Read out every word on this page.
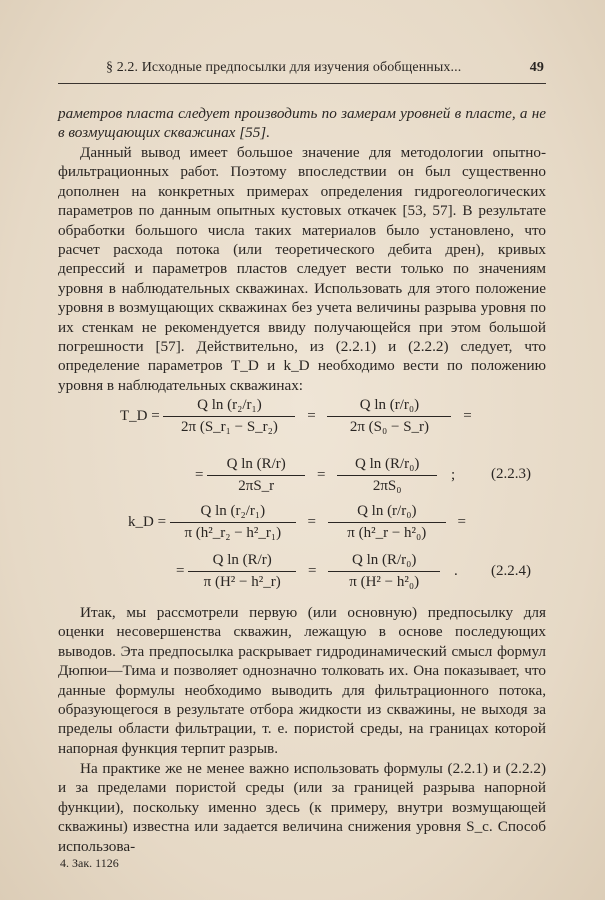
§ 2.2. Исходные предпосылки для изучения обобщенных...	49
раметров пласта следует производить по замерам уровней в пласте, а не в возмущающих скважинах [55].
Данный вывод имеет большое значение для методологии опытно-фильтрационных работ. Поэтому впоследствии он был существенно дополнен на конкретных примерах определения гидрогеологических параметров по данным опытных кустовых откачек [53, 57]. В результате обработки большого числа таких материалов было установлено, что расчет расхода потока (или теоретического дебита дрен), кривых депрессий и параметров пластов следует вести только по значениям уровня в наблюдательных скважинах. Использовать для этого положение уровня в возмущающих скважинах без учета величины разрыва уровня по их стенкам не рекомендуется ввиду получающейся при этом большой погрешности [57]. Действительно, из (2.2.1) и (2.2.2) следует, что определение параметров T_D и k_D необходимо вести по положению уровня в наблюдательных скважинах:
T_D = $\frac{\text{Q ln (r₂/r₁)}}{\text{2π (S\_r₁ − S\_r₂)}} = \frac{\text{Q ln (r/r₀)}}{\text{2π (S₀ − S\_r)}}$ =
= $\frac{\text{Q ln (R/r)}}{2\pi S\_r} = \frac{\text{Q ln (R/r₀)}}{\text{2πS₀}}$ ; (2.2.3)
k_D = $\frac{\text{Q ln (r₂/r₁)}}{\text{π (h²\_r₂ − h²\_r₁)}} = \frac{\text{Q ln (r/r₀)}}{\text{π (h²\_r − h²₀)}}$ =
= $\frac{\text{Q ln (R/r)}}{\text{π (H² − h²\_r)}} = \frac{\text{Q ln (R/r₀)}}{\text{π (H² − h²₀)}}$ . (2.2.4)
Итак, мы рассмотрели первую (или основную) предпосылку для оценки несовершенства скважин, лежащую в основе последующих выводов. Эта предпосылка раскрывает гидродинамический смысл формул Дюпюи—Тима и позволяет однозначно толковать их. Она показывает, что данные формулы необходимо выводить для фильтрационного потока, образующегося в результате отбора жидкости из скважины, не выходя за пределы области фильтрации, т. е. пористой среды, на границах которой напорная функция терпит разрыв.
На практике же не менее важно использовать формулы (2.2.1) и (2.2.2) и за пределами пористой среды (или за границей разрыва напорной функции), поскольку именно здесь (к примеру, внутри возмущающей скважины) известна или задается величина снижения уровня S_c. Способ использова-
4. Зак. 1126
